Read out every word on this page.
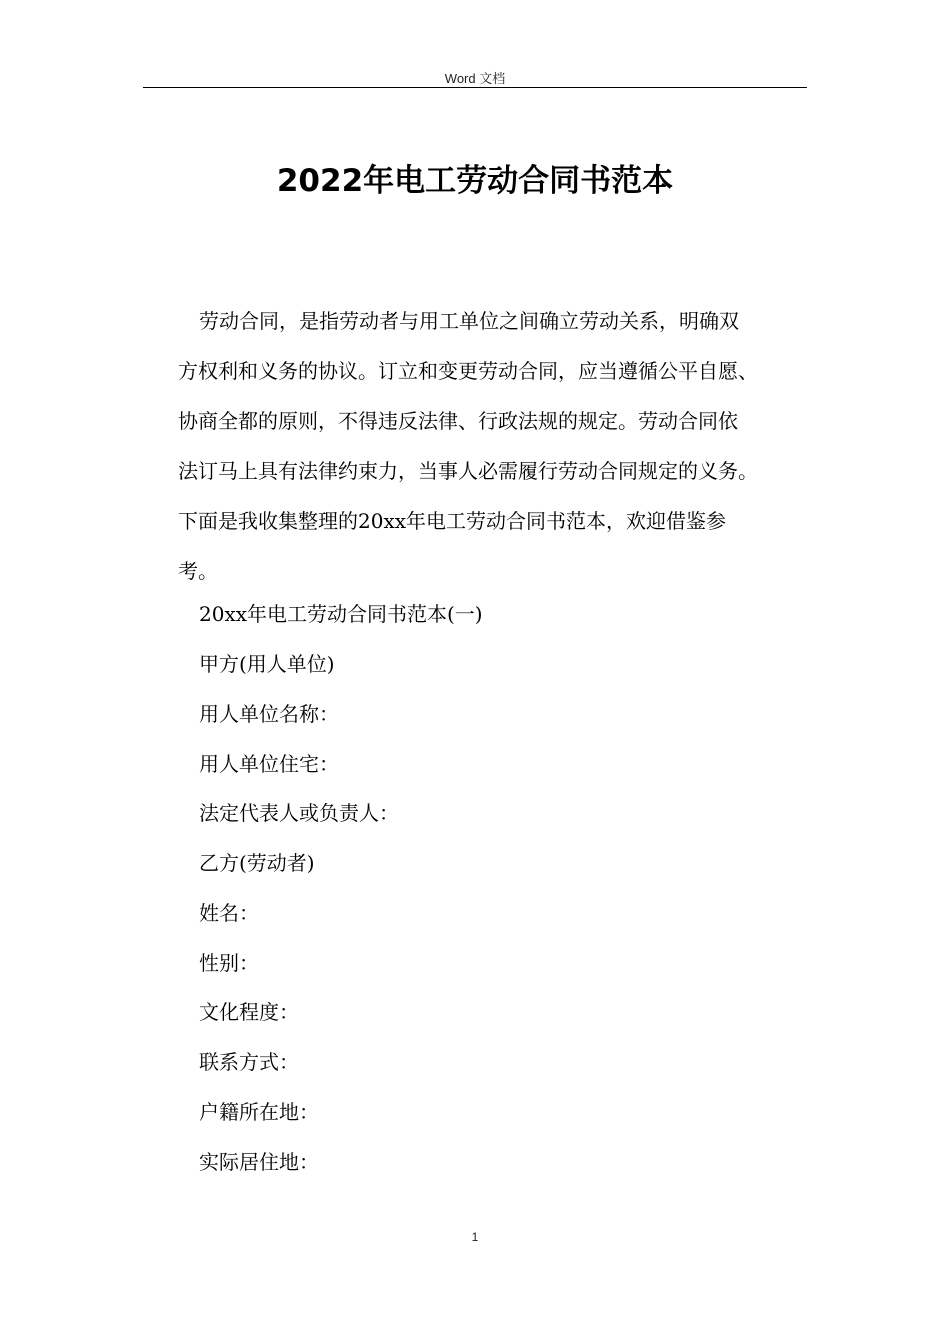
Word 文档
2022年电工劳动合同书范本
劳动合同，是指劳动者与用工单位之间确立劳动关系，明确双
方权利和义务的协议。订立和变更劳动合同，应当遵循公平自愿、
协商全都的原则，不得违反法律、行政法规的规定。劳动合同依
法订马上具有法律约束力，当事人必需履行劳动合同规定的义务。
下面是我收集整理的20xx年电工劳动合同书范本，欢迎借鉴参
考。
20xx年电工劳动合同书范本(一)
甲方(用人单位)
用人单位名称：
用人单位住宅：
法定代表人或负责人：
乙方(劳动者)
姓名：
性别：
文化程度：
联系方式：
户籍所在地：
实际居住地：
1
